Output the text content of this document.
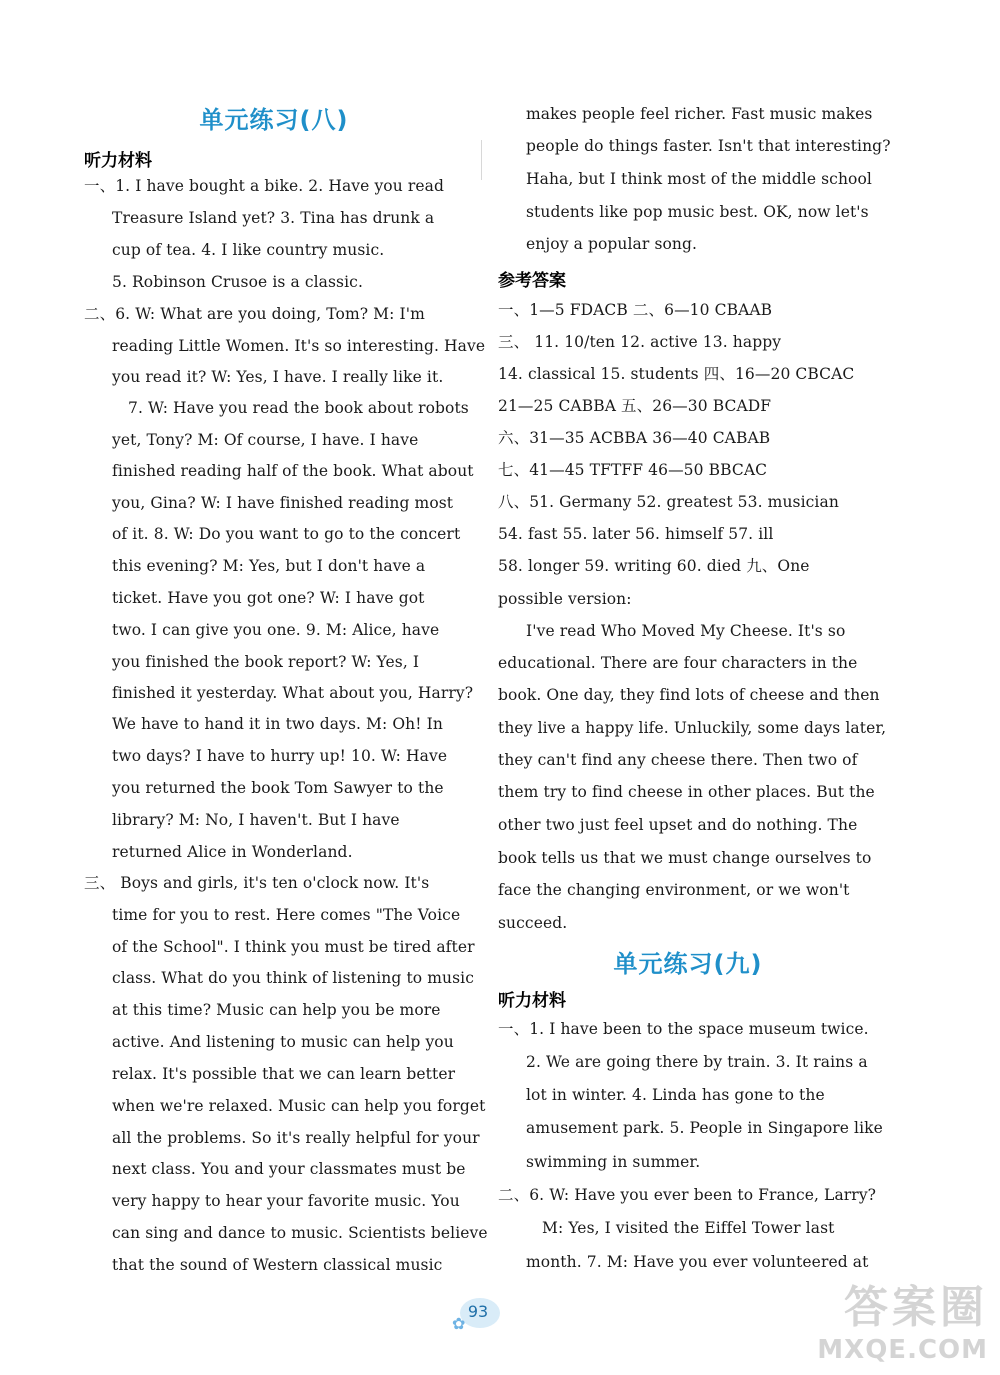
单元练习(八)
听力材料
一、1. I have bought a bike. 2. Have you read
Treasure Island yet? 3. Tina has drunk a
cup of tea. 4. I like country music.
5. Robinson Crusoe is a classic.
二、6. W: What are you doing, Tom? M: I'm
reading Little Women. It's so interesting. Have
you read it? W: Yes, I have. I really like it.
7. W: Have you read the book about robots
yet, Tony? M: Of course, I have. I have
finished reading half of the book. What about
you, Gina? W: I have finished reading most
of it. 8. W: Do you want to go to the concert
this evening? M: Yes, but I don't have a
ticket. Have you got one? W: I have got
two. I can give you one. 9. M: Alice, have
you finished the book report? W: Yes, I
finished it yesterday. What about you, Harry?
We have to hand it in two days. M: Oh! In
two days? I have to hurry up! 10. W: Have
you returned the book Tom Sawyer to the
library? M: No, I haven't. But I have
returned Alice in Wonderland.
三、 Boys and girls, it's ten o'clock now. It's
time for you to rest. Here comes "The Voice
of the School". I think you must be tired after
class. What do you think of listening to music
at this time? Music can help you be more
active. And listening to music can help you
relax. It's possible that we can learn better
when we're relaxed. Music can help you forget
all the problems. So it's really helpful for your
next class. You and your classmates must be
very happy to hear your favorite music. You
can sing and dance to music. Scientists believe
that the sound of Western classical music
makes people feel richer. Fast music makes
people do things faster. Isn't that interesting?
Haha, but I think most of the middle school
students like pop music best. OK, now let's
enjoy a popular song.
参考答案
一、1—5 FDACB 二、6—10 CBAAB
三、 11. 10/ten 12. active 13. happy
14. classical 15. students 四、16—20 CBCAC
21—25 CABBA 五、26—30 BCADF
六、31—35 ACBBA 36—40 CABAB
七、41—45 TFTFF 46—50 BBCAC
八、51. Germany 52. greatest 53. musician
54. fast 55. later 56. himself 57. ill
58. longer 59. writing 60. died 九、One
possible version:
I've read Who Moved My Cheese. It's so
educational. There are four characters in the
book. One day, they find lots of cheese and then
they live a happy life. Unluckily, some days later,
they can't find any cheese there. Then two of
them try to find cheese in other places. But the
other two just feel upset and do nothing. The
book tells us that we must change ourselves to
face the changing environment, or we won't
succeed.
单元练习(九)
听力材料
一、1. I have been to the space museum twice.
2. We are going there by train. 3. It rains a
lot in winter. 4. Linda has gone to the
amusement park. 5. People in Singapore like
swimming in summer.
二、6. W: Have you ever been to France, Larry?
M: Yes, I visited the Eiffel Tower last
month. 7. M: Have you ever volunteered at
✿
93	答案圈
MXQE.COM
